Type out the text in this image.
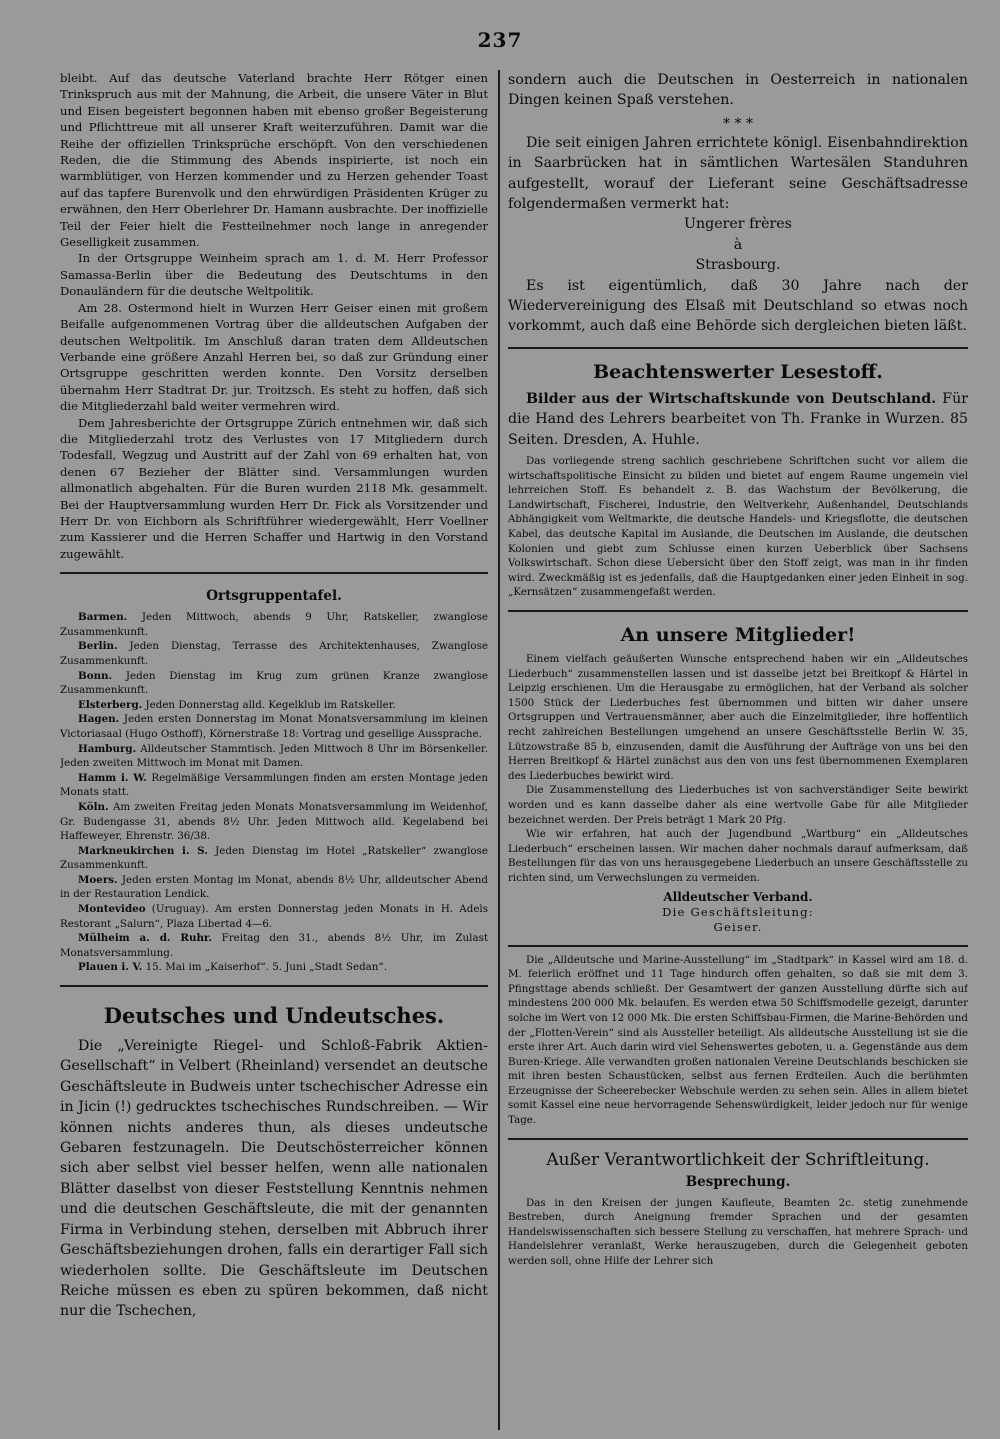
237

bleibt. Auf das deutsche Vaterland brachte Herr Rötger einen Trinkspruch aus mit der Mahnung, die Arbeit, die unsere Väter in Blut und Eisen begeistert begonnen haben mit ebenso großer Begeisterung und Pflichttreue mit all unserer Kraft weiterzuführen. Damit war die Reihe der offiziellen Trinksprüche erschöpft. Von den verschiedenen Reden, die die Stimmung des Abends inspirierte, ist noch ein warmblütiger, von Herzen kommender und zu Herzen gehender Toast auf das tapfere Burenvolk und den ehrwürdigen Präsidenten Krüger zu erwähnen, den Herr Oberlehrer Dr. Hamann ausbrachte. Der inoffizielle Teil der Feier hielt die Festteilnehmer noch lange in anregender Geselligkeit zusammen.

In der Ortsgruppe Weinheim sprach am 1. d. M. Herr Professor Samassa-Berlin über die Bedeutung des Deutschtums in den Donauländern für die deutsche Weltpolitik.

Am 28. Ostermond hielt in Wurzen Herr Geiser einen mit großem Beifalle aufgenommenen Vortrag über die alldeutschen Aufgaben der deutschen Weltpolitik. Im Anschluß daran traten dem Alldeutschen Verbande eine größere Anzahl Herren bei, so daß zur Gründung einer Ortsgruppe geschritten werden konnte. Den Vorsitz derselben übernahm Herr Stadtrat Dr. jur. Troitzsch. Es steht zu hoffen, daß sich die Mitgliederzahl bald weiter vermehren wird.

Dem Jahresberichte der Ortsgruppe Zürich entnehmen wir, daß sich die Mitgliederzahl trotz des Verlustes von 17 Mitgliedern durch Todesfall, Wegzug und Austritt auf der Zahl von 69 erhalten hat, von denen 67 Bezieher der Blätter sind. Versammlungen wurden allmonatlich abgehalten. Für die Buren wurden 2118 Mk. gesammelt. Bei der Hauptversammlung wurden Herr Dr. Fick als Vorsitzender und Herr Dr. von Eichborn als Schriftführer wiedergewählt, Herr Voellner zum Kassierer und die Herren Schaffer und Hartwig in den Vorstand zugewählt.

Ortsgruppentafel.

Barmen. Jeden Mittwoch, abends 9 Uhr, Ratskeller, zwanglose Zusammenkunft.

Berlin. Jeden Dienstag, Terrasse des Architektenhauses, Zwanglose Zusammenkunft.

Bonn. Jeden Dienstag im Krug zum grünen Kranze zwanglose Zusammenkunft.

Elsterberg. Jeden Donnerstag alld. Kegelklub im Ratskeller.

Hagen. Jeden ersten Donnerstag im Monat Monatsversammlung im kleinen Victoriasaal (Hugo Osthoff), Körnerstraße 18: Vortrag und gesellige Aussprache.

Hamburg. Alldeutscher Stammtisch. Jeden Mittwoch 8 Uhr im Börsenkeller. Jeden zweiten Mittwoch im Monat mit Damen.

Hamm i. W. Regelmäßige Versammlungen finden am ersten Montage jeden Monats statt.

Köln. Am zweiten Freitag jeden Monats Monatsversammlung im Weidenhof, Gr. Budengasse 31, abends 8½ Uhr. Jeden Mittwoch alld. Kegelabend bei Haffeweyer, Ehrenstr. 36/38.

Markneukirchen i. S. Jeden Dienstag im Hotel „Ratskeller“ zwanglose Zusammenkunft.

Moers. Jeden ersten Montag im Monat, abends 8½ Uhr, alldeutscher Abend in der Restauration Lendick.

Montevideo (Uruguay). Am ersten Donnerstag jeden Monats in H. Adels Restorant „Salurn“, Plaza Libertad 4—6.

Mülheim a. d. Ruhr. Freitag den 31., abends 8½ Uhr, im Zulast Monatsversammlung.

Plauen i. V. 15. Mai im „Kaiserhof“. 5. Juni „Stadt Sedan“.

Deutsches und Undeutsches.

Die „Vereinigte Riegel- und Schloß-Fabrik Aktien-Gesellschaft“ in Velbert (Rheinland) versendet an deutsche Geschäftsleute in Budweis unter tschechischer Adresse ein in Jicin (!) gedrucktes tschechisches Rundschreiben. — Wir können nichts anderes thun, als dieses undeutsche Gebaren festzunageln. Die Deutschösterreicher können sich aber selbst viel besser helfen, wenn alle nationalen Blätter daselbst von dieser Feststellung Kenntnis nehmen und die deutschen Geschäftsleute, die mit der genannten Firma in Verbindung stehen, derselben mit Abbruch ihrer Geschäftsbeziehungen drohen, falls ein derartiger Fall sich wiederholen sollte. Die Geschäftsleute im Deutschen Reiche müssen es eben zu spüren bekommen, daß nicht nur die Tschechen,

sondern auch die Deutschen in Oesterreich in nationalen Dingen keinen Spaß verstehen.

* * *

Die seit einigen Jahren errichtete königl. Eisenbahndirektion in Saarbrücken hat in sämtlichen Wartesälen Standuhren aufgestellt, worauf der Lieferant seine Geschäftsadresse folgendermaßen vermerkt hat:

Ungerer frères
à
Strasbourg.

Es ist eigentümlich, daß 30 Jahre nach der Wiedervereinigung des Elsaß mit Deutschland so etwas noch vorkommt, auch daß eine Behörde sich dergleichen bieten läßt.

Beachtenswerter Lesestoff.

Bilder aus der Wirtschaftskunde von Deutschland. Für die Hand des Lehrers bearbeitet von Th. Franke in Wurzen. 85 Seiten. Dresden, A. Huhle.

Das vorliegende streng sachlich geschriebene Schriftchen sucht vor allem die wirtschaftspolitische Einsicht zu bilden und bietet auf engem Raume ungemein viel lehrreichen Stoff. Es behandelt z. B. das Wachstum der Bevölkerung, die Landwirtschaft, Fischerei, Industrie, den Weltverkehr, Außenhandel, Deutschlands Abhängigkeit vom Weltmarkte, die deutsche Handels- und Kriegsflotte, die deutschen Kabel, das deutsche Kapital im Auslande, die Deutschen im Auslande, die deutschen Kolonien und giebt zum Schlusse einen kurzen Ueberblick über Sachsens Volkswirtschaft. Schon diese Uebersicht über den Stoff zeigt, was man in ihr finden wird. Zweckmäßig ist es jedenfalls, daß die Hauptgedanken einer jeden Einheit in sog. „Kernsätzen“ zusammengefaßt werden.

An unsere Mitglieder!

Einem vielfach geäußerten Wunsche entsprechend haben wir ein „Alldeutsches Liederbuch“ zusammenstellen lassen und ist dasselbe jetzt bei Breitkopf & Härtel in Leipzig erschienen. Um die Herausgabe zu ermöglichen, hat der Verband als solcher 1500 Stück der Liederbuches fest übernommen und bitten wir daher unsere Ortsgruppen und Vertrauensmänner, aber auch die Einzelmitglieder, ihre hoffentlich recht zahlreichen Bestellungen umgehend an unsere Geschäftsstelle Berlin W. 35, Lützowstraße 85 b, einzusenden, damit die Ausführung der Aufträge von uns bei den Herren Breitkopf & Härtel zunächst aus den von uns fest übernommenen Exemplaren des Liederbuches bewirkt wird.

Die Zusammenstellung des Liederbuches ist von sachverständiger Seite bewirkt worden und es kann dasselbe daher als eine wertvolle Gabe für alle Mitglieder bezeichnet werden. Der Preis beträgt 1 Mark 20 Pfg.

Wie wir erfahren, hat auch der Jugendbund „Wartburg“ ein „Alldeutsches Liederbuch“ erscheinen lassen. Wir machen daher nochmals darauf aufmerksam, daß Bestellungen für das von uns herausgegebene Liederbuch an unsere Geschäftsstelle zu richten sind, um Verwechslungen zu vermeiden.

Alldeutscher Verband.
Die Geschäftsleitung:
Geiser.

Die „Alldeutsche und Marine-Ausstellung“ im „Stadtpark“ in Kassel wird am 18. d. M. feierlich eröffnet und 11 Tage hindurch offen gehalten, so daß sie mit dem 3. Pfingsttage abends schließt. Der Gesamtwert der ganzen Ausstellung dürfte sich auf mindestens 200 000 Mk. belaufen. Es werden etwa 50 Schiffsmodelle gezeigt, darunter solche im Wert von 12 000 Mk. Die ersten Schiffsbau-Firmen, die Marine-Behörden und der „Flotten-Verein“ sind als Aussteller beteiligt. Als alldeutsche Ausstellung ist sie die erste ihrer Art. Auch darin wird viel Sehenswertes geboten, u. a. Gegenstände aus dem Buren-Kriege. Alle verwandten großen nationalen Vereine Deutschlands beschicken sie mit ihren besten Schaustücken, selbst aus fernen Erdteilen. Auch die berühmten Erzeugnisse der Scheerebecker Webschule werden zu sehen sein. Alles in allem bietet somit Kassel eine neue hervorragende Sehenswürdigkeit, leider jedoch nur für wenige Tage.

Außer Verantwortlichkeit der Schriftleitung.
Besprechung.

Das in den Kreisen der jungen Kaufleute, Beamten 2c. stetig zunehmende Bestreben, durch Aneignung fremder Sprachen und der gesamten Handelswissenschaften sich bessere Stellung zu verschaffen, hat mehrere Sprach- und Handelslehrer veranlaßt, Werke herauszugeben, durch die Gelegenheit geboten werden soll, ohne Hilfe der Lehrer sich
